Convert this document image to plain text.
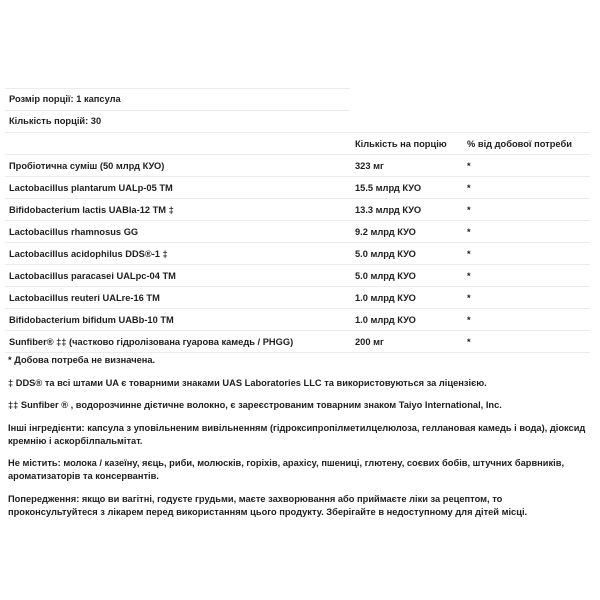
Розмір порції: 1 капсула
Кількість порцій: 30
	Кількість на порцію	% від добової потреби
Пробіотична суміш (50 млрд КУО)	323 мг	*
Lactobacillus plantarum UALp-05 TM	15.5 млрд КУО	*
Bifidobacterium lactis UABla-12 TM ‡	13.3 млрд КУО	*
Lactobacillus rhamnosus GG	9.2 млрд КУО	*
Lactobacillus acidophilus DDS®-1 ‡	5.0 млрд КУО	*
Lactobacillus paracasei UALpc-04 TM	5.0 млрд КУО	*
Lactobacillus reuteri UALre-16 TM	1.0 млрд КУО	*
Bifidobacterium bifidum UABb-10 TM	1.0 млрд КУО	*
Sunfiber® ‡‡ (частково гідролізована гуарова камедь / PHGG)	200 мг	*

* Добова потреба не визначена.

‡ DDS® та всі штами UA є товарними знаками UAS Laboratories LLC та використовуються за ліцензією.

‡‡ Sunfiber ® , водорозчинне дієтичне волокно, є зареєстрованим товарним знаком Taiyo International, Inc.

Інші інгредієнти: капсула з уповільненим вивільненням (гідроксипропілметилцелюлоза, геллановая камедь і вода), діоксид кремнію і аскорбілпальмітат.

Не містить: молока / казеїну, яєць, риби, молюсків, горіхів, арахісу, пшениці, глютену, соєвих бобів, штучних барвників, ароматизаторів та консервантів.

Попередження: якщо ви вагітні, годуєте грудьми, маєте захворювання або приймаєте ліки за рецептом, то проконсультуйтеся з лікарем перед використанням цього продукту. Зберігайте в недоступному для дітей місці.
